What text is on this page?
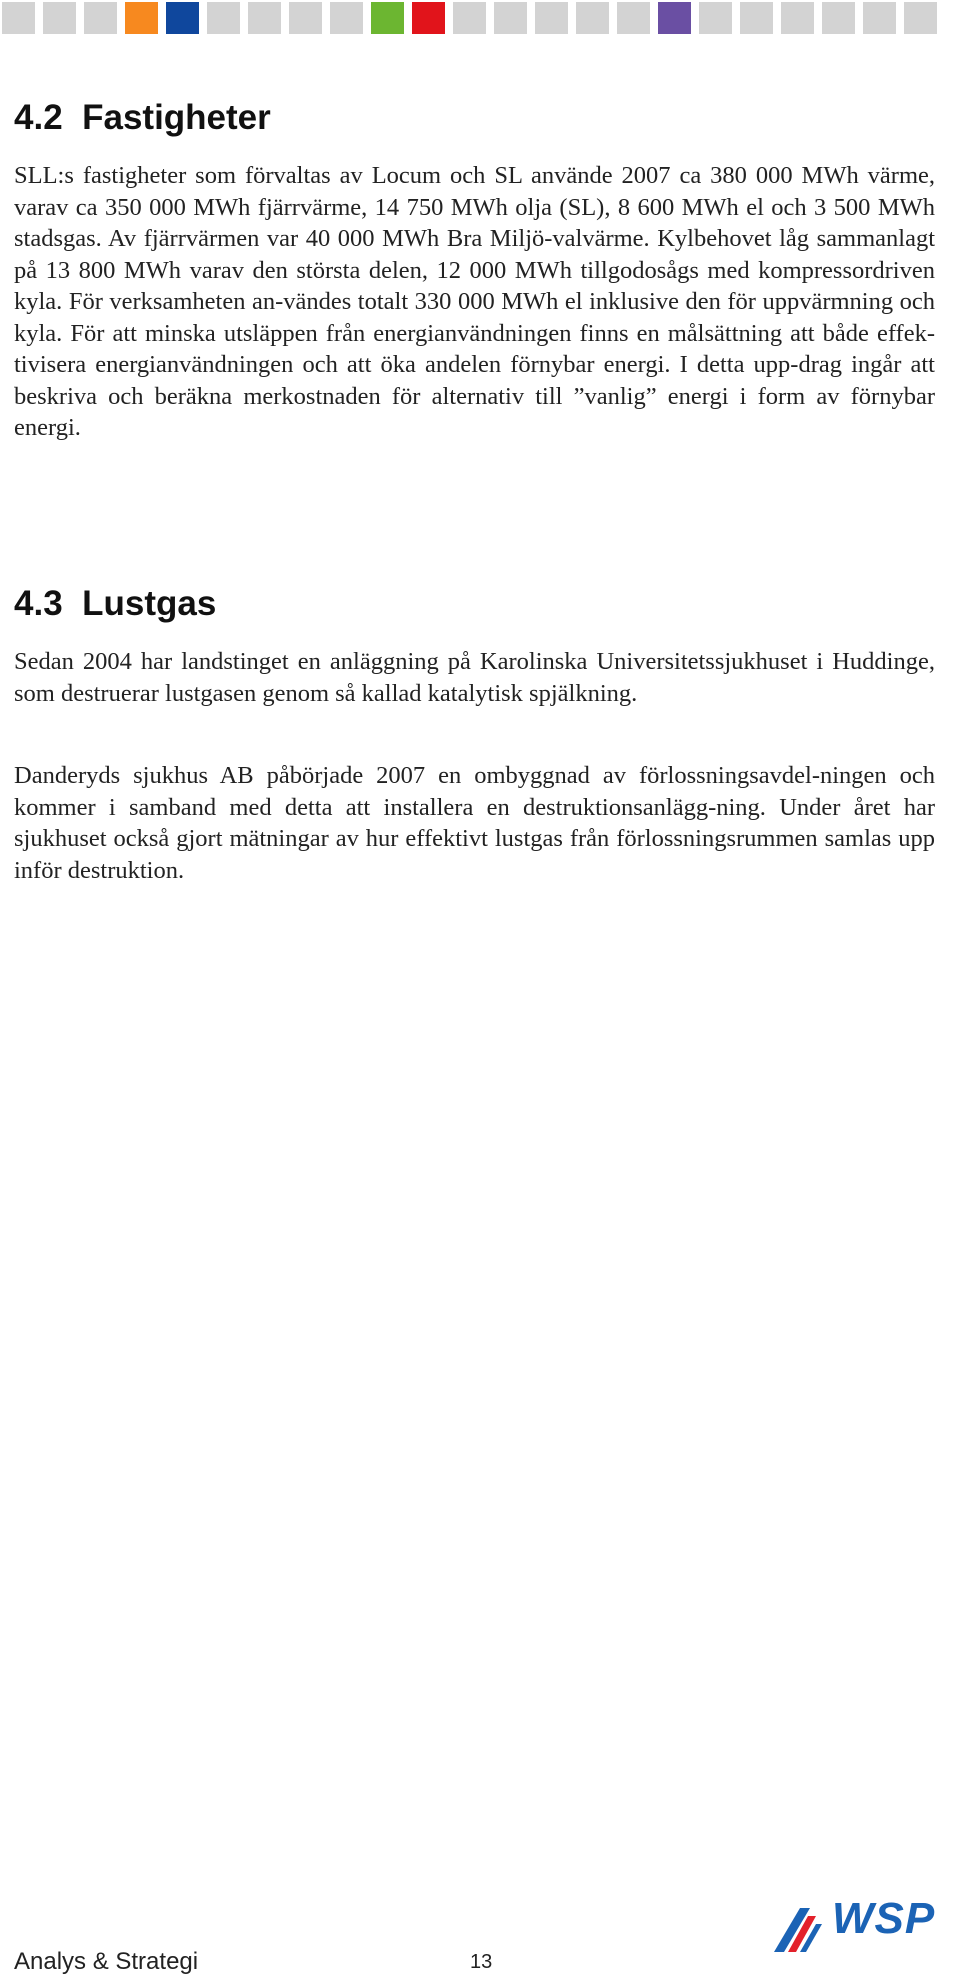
4.2  Fastigheter

SLL:s fastigheter som förvaltas av Locum och SL använde 2007 ca 380 000 MWh värme, varav ca 350 000 MWh fjärrvärme, 14 750 MWh olja (SL), 8 600 MWh el och 3 500 MWh stadsgas. Av fjärrvärmen var 40 000 MWh Bra Miljö-valvärme. Kylbehovet låg sammanlagt på 13 800 MWh varav den största delen, 12 000 MWh tillgodosågs med kompressordriven kyla. För verksamheten an-vändes totalt 330 000 MWh el inklusive den för uppvärmning och kyla. För att minska utsläppen från energianvändningen finns en målsättning att både effek-tivisera energianvändningen och att öka andelen förnybar energi. I detta upp-drag ingår att beskriva och beräkna merkostnaden för alternativ till ”vanlig” energi i form av förnybar energi.

4.3  Lustgas

Sedan 2004 har landstinget en anläggning på Karolinska Universitetssjukhuset i Huddinge, som destruerar lustgasen genom så kallad katalytisk spjälkning.

Danderyds sjukhus AB påbörjade 2007 en ombyggnad av förlossningsavdel-ningen och kommer i samband med detta att installera en destruktionsanlägg-ning. Under året har sjukhuset också gjort mätningar av hur effektivt lustgas från förlossningsrummen samlas upp inför destruktion.

Analys & Strategi	13

WSP
